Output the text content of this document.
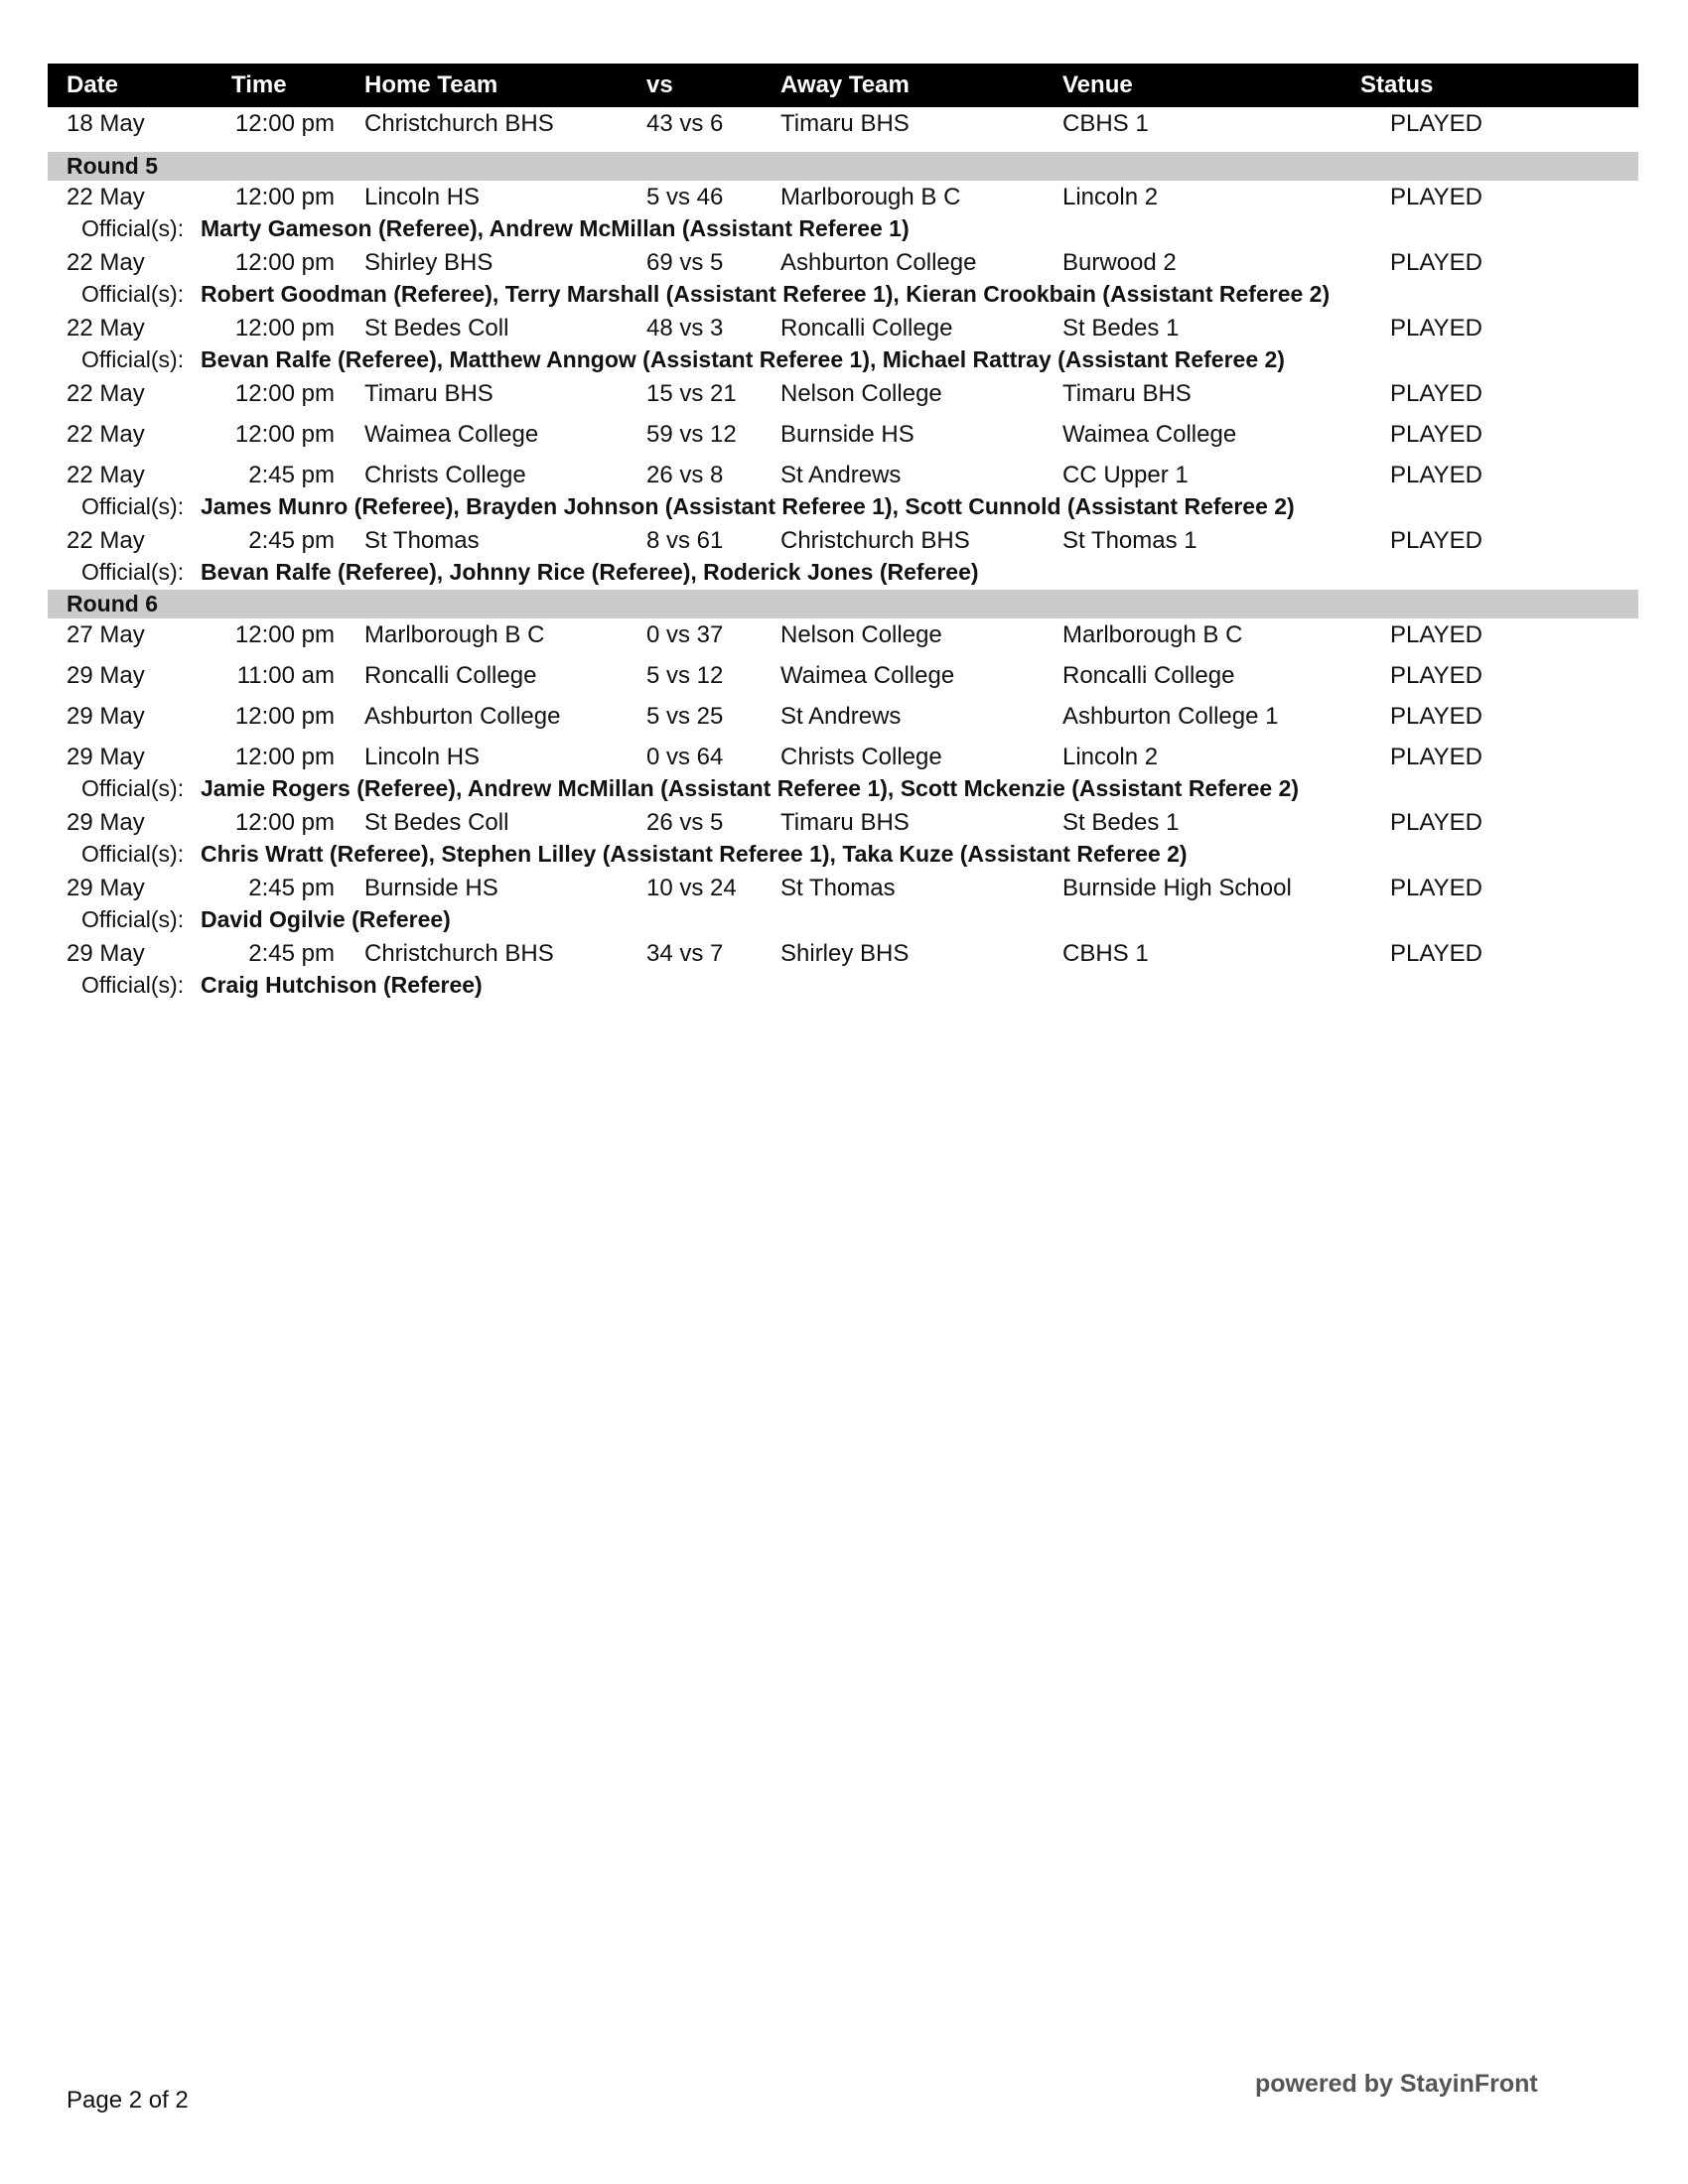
Date	Time	Home Team	vs	Away Team	Venue	Status
18 May	12:00 pm Christchurch BHS	43 vs 6 Timaru BHS	CBHS 1	PLAYED
Round 5
22 May	12:00 pm Lincoln HS	5 vs 46 Marlborough B C	Lincoln 2	PLAYED
Official(s): Marty Gameson (Referee), Andrew McMillan (Assistant Referee 1)
22 May	12:00 pm Shirley BHS	69 vs 5 Ashburton College	Burwood 2	PLAYED
Official(s): Robert Goodman (Referee), Terry Marshall (Assistant Referee 1), Kieran Crookbain (Assistant Referee 2)
22 May	12:00 pm St Bedes Coll	48 vs 3 Roncalli College	St Bedes 1	PLAYED
Official(s): Bevan Ralfe (Referee), Matthew Anngow (Assistant Referee 1), Michael Rattray (Assistant Referee 2)
22 May	12:00 pm Timaru BHS	15 vs 21 Nelson College	Timaru BHS	PLAYED
22 May	12:00 pm Waimea College	59 vs 12 Burnside HS	Waimea College	PLAYED
22 May	2:45 pm Christs College	26 vs 8 St Andrews	CC Upper 1	PLAYED
Official(s): James Munro (Referee), Brayden Johnson (Assistant Referee 1), Scott Cunnold (Assistant Referee 2)
22 May	2:45 pm St Thomas	8 vs 61 Christchurch BHS	St Thomas 1	PLAYED
Official(s): Bevan Ralfe (Referee), Johnny Rice (Referee), Roderick Jones (Referee)
Round 6
27 May	12:00 pm Marlborough B C	0 vs 37 Nelson College	Marlborough B C	PLAYED
29 May	11:00 am Roncalli College	5 vs 12 Waimea College	Roncalli College	PLAYED
29 May	12:00 pm Ashburton College	5 vs 25 St Andrews	Ashburton College 1	PLAYED
29 May	12:00 pm Lincoln HS	0 vs 64 Christs College	Lincoln 2	PLAYED
Official(s): Jamie Rogers (Referee), Andrew McMillan (Assistant Referee 1), Scott Mckenzie (Assistant Referee 2)
29 May	12:00 pm St Bedes Coll	26 vs 5 Timaru BHS	St Bedes 1	PLAYED
Official(s): Chris Wratt (Referee), Stephen Lilley (Assistant Referee 1), Taka Kuze (Assistant Referee 2)
29 May	2:45 pm Burnside HS	10 vs 24 St Thomas	Burnside High School	PLAYED
Official(s): David Ogilvie (Referee)
29 May	2:45 pm Christchurch BHS	34 vs 7 Shirley BHS	CBHS 1	PLAYED
Official(s): Craig Hutchison (Referee)
Page 2 of 2
powered by StayinFront
